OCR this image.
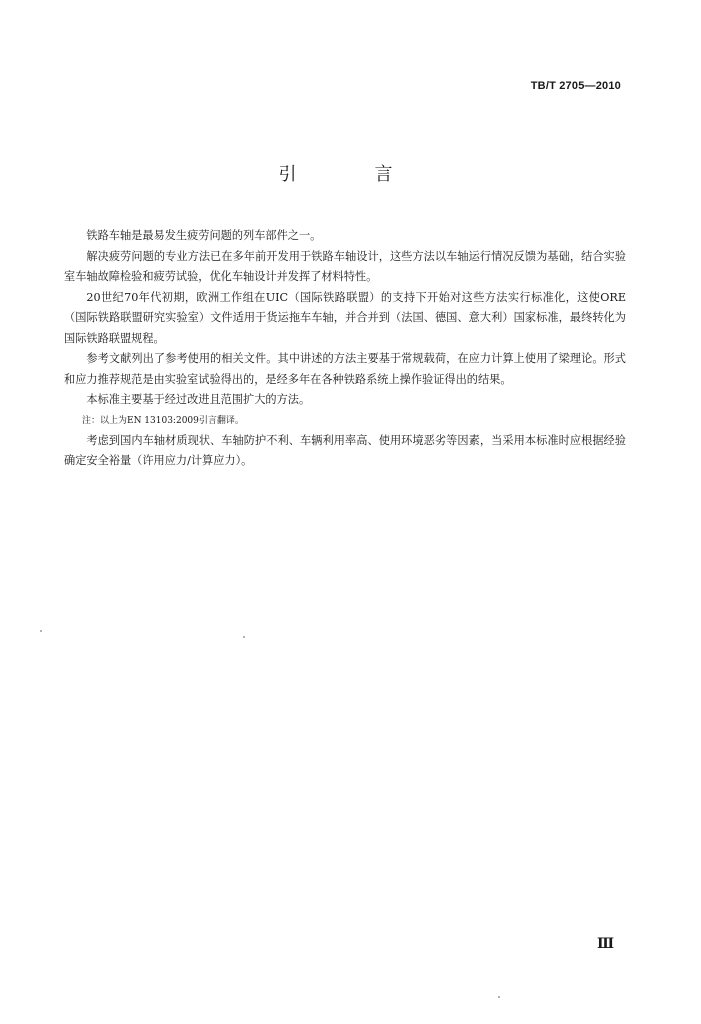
TB/T 2705—2010
引　言

铁路车轴是最易发生疲劳问题的列车部件之一。

解决疲劳问题的专业方法已在多年前开发用于铁路车轴设计，这些方法以车轴运行情况反馈为基础，结合实验室车轴故障检验和疲劳试验，优化车轴设计并发挥了材料特性。

20世纪70年代初期，欧洲工作组在UIC（国际铁路联盟）的支持下开始对这些方法实行标准化，这使ORE（国际铁路联盟研究实验室）文件适用于货运拖车车轴，并合并到（法国、德国、意大利）国家标准，最终转化为国际铁路联盟规程。

参考文献列出了参考使用的相关文件。其中讲述的方法主要基于常规载荷，在应力计算上使用了梁理论。形式和应力推荐规范是由实验室试验得出的，是经多年在各种铁路系统上操作验证得出的结果。

本标准主要基于经过改进且范围扩大的方法。

注：以上为EN 13103:2009引言翻译。

考虑到国内车轴材质现状、车轴防护不利、车辆利用率高、使用环境恶劣等因素，当采用本标准时应根据经验确定安全裕量（许用应力/计算应力）。

Ⅲ
